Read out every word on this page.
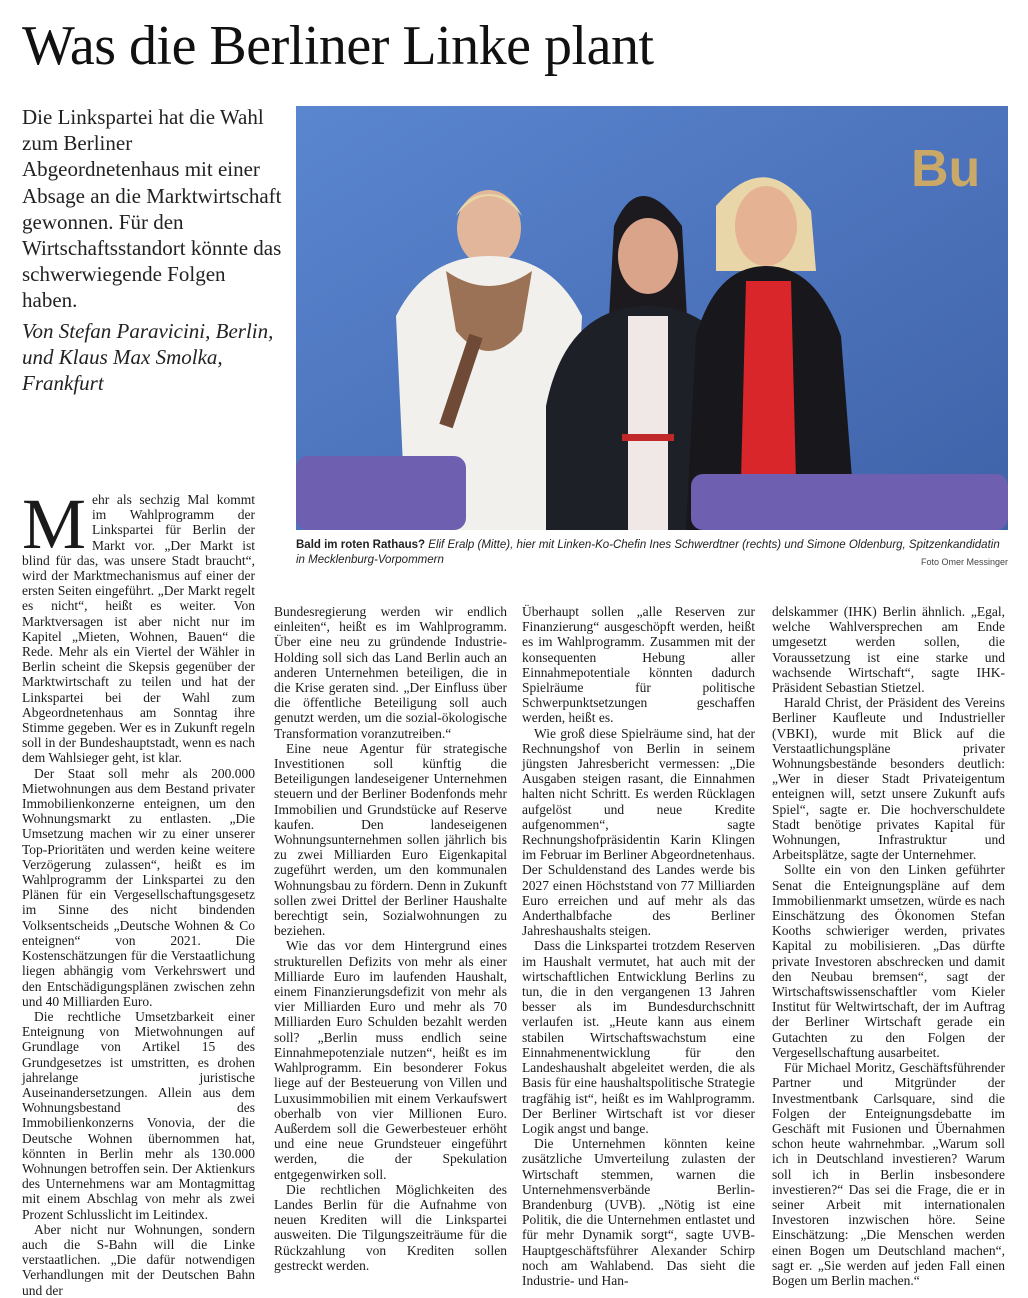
Was die Berliner Linke plant

Die Linkspartei hat die Wahl zum Berliner Abgeordnetenhaus mit einer Absage an die Marktwirtschaft gewonnen. Für den Wirtschaftsstandort könnte das schwerwiegende Folgen haben.

Von Stefan Paravicini, Berlin, und Klaus Max Smolka, Frankfurt

Bu
Bald im roten Rathaus? Elif Eralp (Mitte), hier mit Linken-Ko-Chefin Ines Schwerdtner (rechts) und Simone Oldenburg, Spitzenkandidatin in Mecklenburg-Vorpommern	Foto Omer Messinger

Mehr als sechzig Mal kommt im Wahlprogramm der Linkspartei für Berlin der Markt vor. „Der Markt ist blind für das, was unsere Stadt braucht“, wird der Marktmechanismus auf einer der ersten Seiten eingeführt. „Der Markt regelt es nicht“, heißt es weiter. Von Marktversagen ist aber nicht nur im Kapitel „Mieten, Wohnen, Bauen“ die Rede. Mehr als ein Viertel der Wähler in Berlin scheint die Skepsis gegenüber der Marktwirtschaft zu teilen und hat der Linkspartei bei der Wahl zum Abgeordnetenhaus am Sonntag ihre Stimme gegeben. Wer es in Zukunft regeln soll in der Bundeshauptstadt, wenn es nach dem Wahlsieger geht, ist klar.

Der Staat soll mehr als 200.000 Mietwohnungen aus dem Bestand privater Immobilienkonzerne enteignen, um den Wohnungsmarkt zu entlasten. „Die Umsetzung machen wir zu einer unserer Top-Prioritäten und werden keine weitere Verzögerung zulassen“, heißt es im Wahlprogramm der Linkspartei zu den Plänen für ein Vergesellschaftungsgesetz im Sinne des nicht bindenden Volksentscheids „Deutsche Wohnen & Co enteignen“ von 2021. Die Kostenschätzungen für die Verstaatlichung liegen abhängig vom Verkehrswert und den Entschädigungsplänen zwischen zehn und 40 Milliarden Euro.

Die rechtliche Umsetzbarkeit einer Enteignung von Mietwohnungen auf Grundlage von Artikel 15 des Grundgesetzes ist umstritten, es drohen jahrelange juristische Auseinandersetzungen. Allein aus dem Wohnungsbestand des Immobilienkonzerns Vonovia, der die Deutsche Wohnen übernommen hat, könnten in Berlin mehr als 130.000 Wohnungen betroffen sein. Der Aktienkurs des Unternehmens war am Montagmittag mit einem Abschlag von mehr als zwei Prozent Schlusslicht im Leitindex.

Aber nicht nur Wohnungen, sondern auch die S-Bahn will die Linke verstaatlichen. „Die dafür notwendigen Verhandlungen mit der Deutschen Bahn und der

Bundesregierung werden wir endlich einleiten“, heißt es im Wahlprogramm. Über eine neu zu gründende Industrie-Holding soll sich das Land Berlin auch an anderen Unternehmen beteiligen, die in die Krise geraten sind. „Der Einfluss über die öffentliche Beteiligung soll auch genutzt werden, um die sozial-ökologische Transformation voranzutreiben.“

Eine neue Agentur für strategische Investitionen soll künftig die Beteiligungen landeseigener Unternehmen steuern und der Berliner Bodenfonds mehr Immobilien und Grundstücke auf Reserve kaufen. Den landeseigenen Wohnungsunternehmen sollen jährlich bis zu zwei Milliarden Euro Eigenkapital zugeführt werden, um den kommunalen Wohnungsbau zu fördern. Denn in Zukunft sollen zwei Drittel der Berliner Haushalte berechtigt sein, Sozialwohnungen zu beziehen.

Wie das vor dem Hintergrund eines strukturellen Defizits von mehr als einer Milliarde Euro im laufenden Haushalt, einem Finanzierungsdefizit von mehr als vier Milliarden Euro und mehr als 70 Milliarden Euro Schulden bezahlt werden soll? „Berlin muss endlich seine Einnahmepotenziale nutzen“, heißt es im Wahlprogramm. Ein besonderer Fokus liege auf der Besteuerung von Villen und Luxusimmobilien mit einem Verkaufswert oberhalb von vier Millionen Euro. Außerdem soll die Gewerbesteuer erhöht und eine neue Grundsteuer eingeführt werden, die der Spekulation entgegenwirken soll.

Die rechtlichen Möglichkeiten des Landes Berlin für die Aufnahme von neuen Krediten will die Linkspartei ausweiten. Die Tilgungszeiträume für die Rückzahlung von Krediten sollen gestreckt werden.

Überhaupt sollen „alle Reserven zur Finanzierung“ ausgeschöpft werden, heißt es im Wahlprogramm. Zusammen mit der konsequenten Hebung aller Einnahmepotentiale könnten dadurch Spielräume für politische Schwerpunktsetzungen geschaffen werden, heißt es.

Wie groß diese Spielräume sind, hat der Rechnungshof von Berlin in seinem jüngsten Jahresbericht vermessen: „Die Ausgaben steigen rasant, die Einnahmen halten nicht Schritt. Es werden Rücklagen aufgelöst und neue Kredite aufgenommen“, sagte Rechnungshofpräsidentin Karin Klingen im Februar im Berliner Abgeordnetenhaus. Der Schuldenstand des Landes werde bis 2027 einen Höchststand von 77 Milliarden Euro erreichen und auf mehr als das Anderthalbfache des Berliner Jahreshaushalts steigen.

Dass die Linkspartei trotzdem Reserven im Haushalt vermutet, hat auch mit der wirtschaftlichen Entwicklung Berlins zu tun, die in den vergangenen 13 Jahren besser als im Bundesdurchschnitt verlaufen ist. „Heute kann aus einem stabilen Wirtschaftswachstum eine Einnahmenentwicklung für den Landeshaushalt abgeleitet werden, die als Basis für eine haushaltspolitische Strategie tragfähig ist“, heißt es im Wahlprogramm. Der Berliner Wirtschaft ist vor dieser Logik angst und bange.

Die Unternehmen könnten keine zusätzliche Umverteilung zulasten der Wirtschaft stemmen, warnen die Unternehmensverbände Berlin-Brandenburg (UVB). „Nötig ist eine Politik, die die Unternehmen entlastet und für mehr Dynamik sorgt“, sagte UVB-Hauptgeschäftsführer Alexander Schirp noch am Wahlabend. Das sieht die Industrie- und Han-

delskammer (IHK) Berlin ähnlich. „Egal, welche Wahlversprechen am Ende umgesetzt werden sollen, die Voraussetzung ist eine starke und wachsende Wirtschaft“, sagte IHK-Präsident Sebastian Stietzel.

Harald Christ, der Präsident des Vereins Berliner Kaufleute und Industrieller (VBKI), wurde mit Blick auf die Verstaatlichungspläne privater Wohnungsbestände besonders deutlich: „Wer in dieser Stadt Privateigentum enteignen will, setzt unsere Zukunft aufs Spiel“, sagte er. Die hochverschuldete Stadt benötige privates Kapital für Wohnungen, Infrastruktur und Arbeitsplätze, sagte der Unternehmer.

Sollte ein von den Linken geführter Senat die Enteignungspläne auf dem Immobilienmarkt umsetzen, würde es nach Einschätzung des Ökonomen Stefan Kooths schwieriger werden, privates Kapital zu mobilisieren. „Das dürfte private Investoren abschrecken und damit den Neubau bremsen“, sagt der Wirtschaftswissenschaftler vom Kieler Institut für Weltwirtschaft, der im Auftrag der Berliner Wirtschaft gerade ein Gutachten zu den Folgen der Vergesellschaftung ausarbeitet.

Für Michael Moritz, Geschäftsführender Partner und Mitgründer der Investmentbank Carlsquare, sind die Folgen der Enteignungsdebatte im Geschäft mit Fusionen und Übernahmen schon heute wahrnehmbar. „Warum soll ich in Deutschland investieren? Warum soll ich in Berlin insbesondere investieren?“ Das sei die Frage, die er in seiner Arbeit mit internationalen Investoren inzwischen höre. Seine Einschätzung: „Die Menschen werden einen Bogen um Deutschland machen“, sagt er. „Sie werden auf jeden Fall einen Bogen um Berlin machen.“
